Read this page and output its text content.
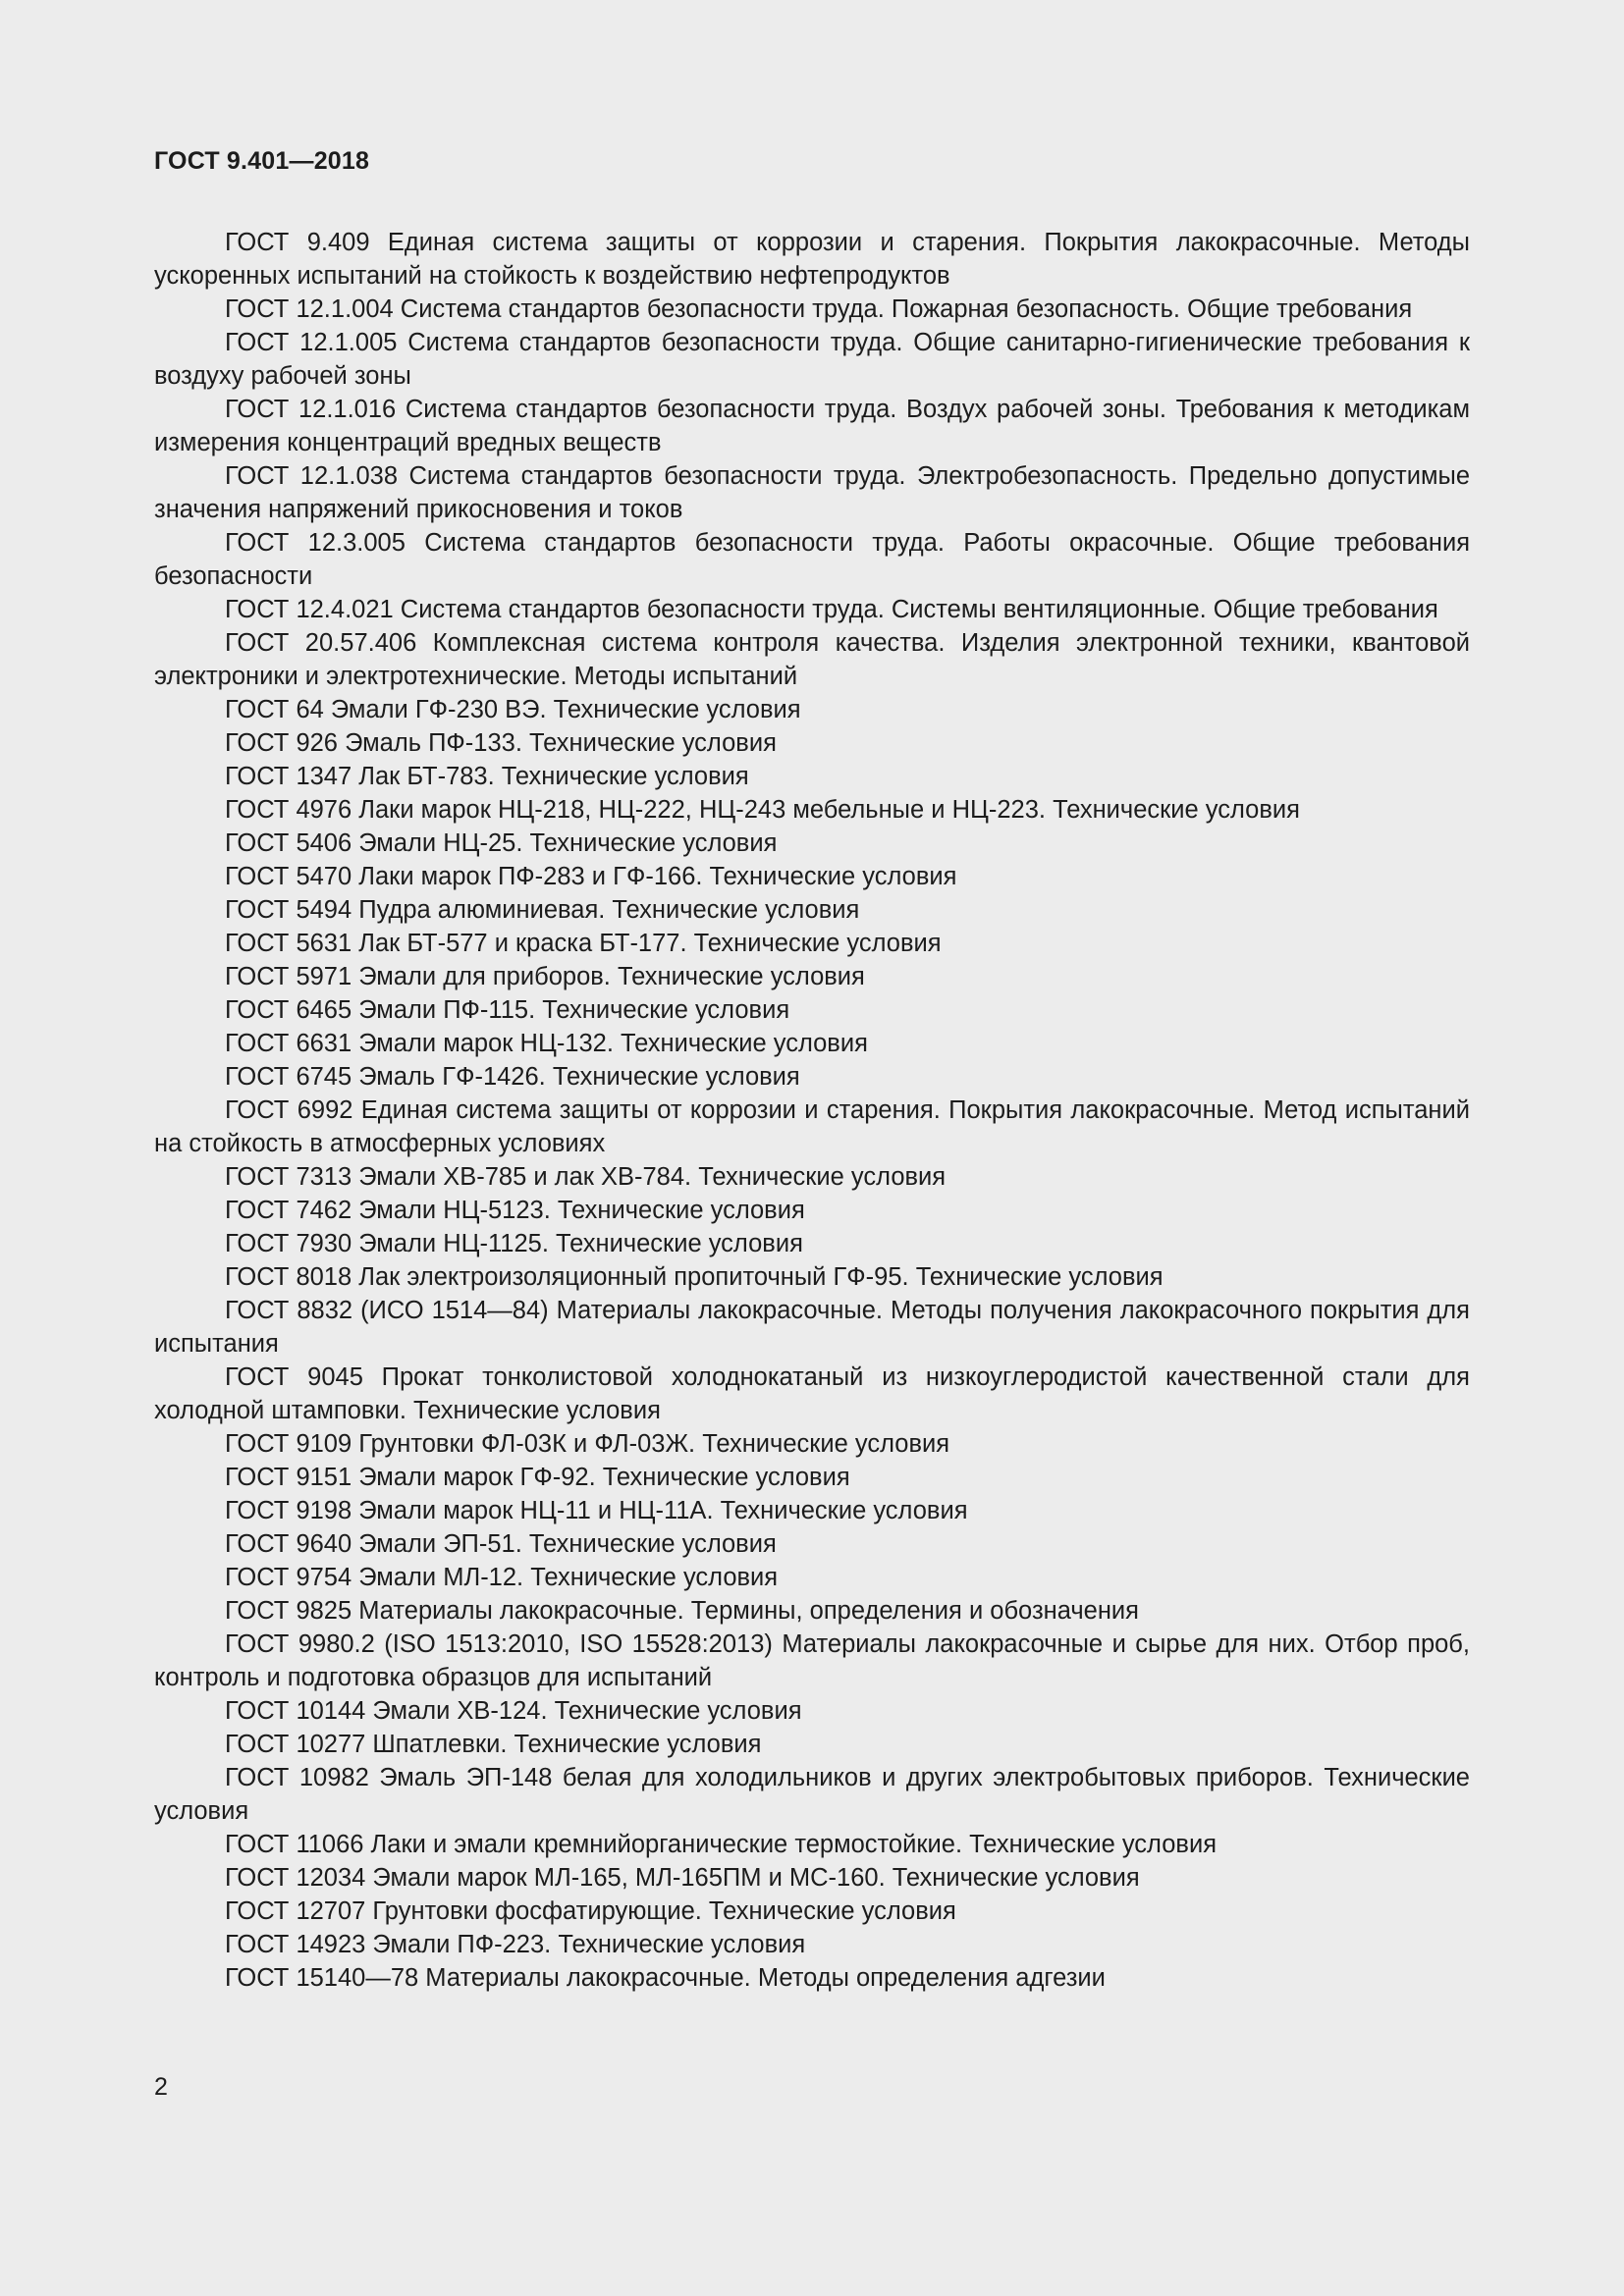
ГОСТ 9.401—2018

ГОСТ 9.409 Единая система защиты от коррозии и старения. Покрытия лакокрасочные. Методы ускоренных испытаний на стойкость к воздействию нефтепродуктов

ГОСТ 12.1.004 Система стандартов безопасности труда. Пожарная безопасность. Общие требования

ГОСТ 12.1.005 Система стандартов безопасности труда. Общие санитарно-гигиенические требования к воздуху рабочей зоны

ГОСТ 12.1.016 Система стандартов безопасности труда. Воздух рабочей зоны. Требования к методикам измерения концентраций вредных веществ

ГОСТ 12.1.038 Система стандартов безопасности труда. Электробезопасность. Предельно допустимые значения напряжений прикосновения и токов

ГОСТ 12.3.005 Система стандартов безопасности труда. Работы окрасочные. Общие требования безопасности

ГОСТ 12.4.021 Система стандартов безопасности труда. Системы вентиляционные. Общие требования

ГОСТ 20.57.406 Комплексная система контроля качества. Изделия электронной техники, квантовой электроники и электротехнические. Методы испытаний

ГОСТ 64 Эмали ГФ-230 ВЭ. Технические условия

ГОСТ 926 Эмаль ПФ-133. Технические условия

ГОСТ 1347 Лак БТ-783. Технические условия

ГОСТ 4976 Лаки марок НЦ-218, НЦ-222, НЦ-243 мебельные и НЦ-223. Технические условия

ГОСТ 5406 Эмали НЦ-25. Технические условия

ГОСТ 5470 Лаки марок ПФ-283 и ГФ-166. Технические условия

ГОСТ 5494 Пудра алюминиевая. Технические условия

ГОСТ 5631 Лак БТ-577 и краска БТ-177. Технические условия

ГОСТ 5971 Эмали для приборов. Технические условия

ГОСТ 6465 Эмали ПФ-115. Технические условия

ГОСТ 6631 Эмали марок НЦ-132. Технические условия

ГОСТ 6745 Эмаль ГФ-1426. Технические условия

ГОСТ 6992 Единая система защиты от коррозии и старения. Покрытия лакокрасочные. Метод испытаний на стойкость в атмосферных условиях

ГОСТ 7313 Эмали ХВ-785 и лак ХВ-784. Технические условия

ГОСТ 7462 Эмали НЦ-5123. Технические условия

ГОСТ 7930 Эмали НЦ-1125. Технические условия

ГОСТ 8018 Лак электроизоляционный пропиточный ГФ-95. Технические условия

ГОСТ 8832 (ИСО 1514—84) Материалы лакокрасочные. Методы получения лакокрасочного покрытия для испытания

ГОСТ 9045 Прокат тонколистовой холоднокатаный из низкоуглеродистой качественной стали для холодной штамповки. Технические условия

ГОСТ 9109 Грунтовки ФЛ-03К и ФЛ-03Ж. Технические условия

ГОСТ 9151 Эмали марок ГФ-92. Технические условия

ГОСТ 9198 Эмали марок НЦ-11 и НЦ-11А. Технические условия

ГОСТ 9640 Эмали ЭП-51. Технические условия

ГОСТ 9754 Эмали МЛ-12. Технические условия

ГОСТ 9825 Материалы лакокрасочные. Термины, определения и обозначения

ГОСТ 9980.2 (ISO 1513:2010, ISO 15528:2013) Материалы лакокрасочные и сырье для них. Отбор проб, контроль и подготовка образцов для испытаний

ГОСТ 10144 Эмали ХВ-124. Технические условия

ГОСТ 10277 Шпатлевки. Технические условия

ГОСТ 10982 Эмаль ЭП-148 белая для холодильников и других электробытовых приборов. Технические условия

ГОСТ 11066 Лаки и эмали кремнийорганические термостойкие. Технические условия

ГОСТ 12034 Эмали марок МЛ-165, МЛ-165ПМ и МС-160. Технические условия

ГОСТ 12707 Грунтовки фосфатирующие. Технические условия

ГОСТ 14923 Эмали ПФ-223. Технические условия

ГОСТ 15140—78 Материалы лакокрасочные. Методы определения адгезии

2
